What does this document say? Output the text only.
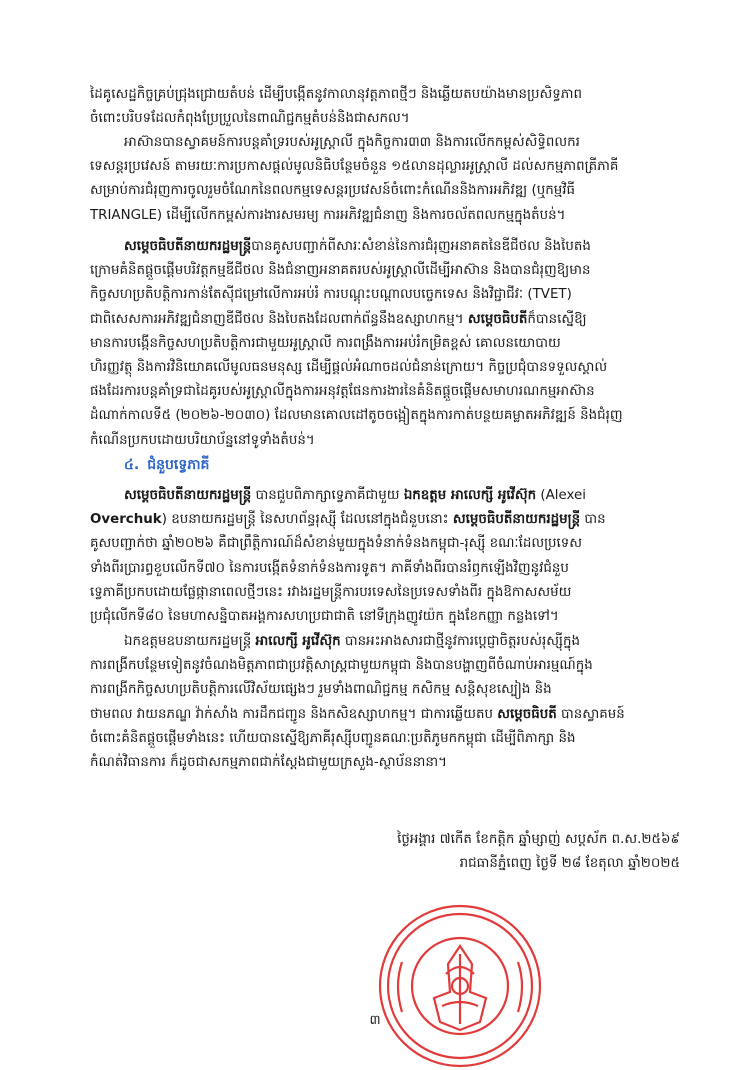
ដៃគូសេដ្ឋកិច្ចគ្រប់ជ្រុងជ្រោយតំបន់ ដើម្បីបង្កើតនូវកាលានុវត្តភាពថ្មីៗ និងឆ្លើយតបយ៉ាងមានប្រសិទ្ធភាព
ចំពោះបរិបទដែលកំពុងប្រែប្រួលនៃពាណិជ្ជកម្មតំបន់និងជាសកល។
អាស៊ានបានស្វាគមន៍ការបន្តគាំទ្ររបស់អូស្ត្រាលី ក្នុងកិច្ចការ៣៣ និងការលើកកម្ពស់សិទ្ធិពលករ
ទេសន្តរប្រវេសន៍ តាមរយៈការប្រកាសផ្តល់មូលនិធិបន្ថែមចំនួន ១៥លានដុល្លារអូស្ត្រាលី ដល់សកម្មភាពត្រីភាគី
សម្រាប់ការជំរុញការចូលរួមចំណែកនៃពលកម្មទេសន្តរប្រវេសន៍ចំពោះកំណើននិងការអភិវឌ្ឍ (ឬកម្មវិធី
TRIANGLE) ដើម្បីលើកកម្ពស់ការងារសមរម្យ ការអភិវឌ្ឍជំនាញ និងការចល័តពលកម្មក្នុងតំបន់។
សម្តេចធិបតីនាយករដ្ឋមន្ត្រីបានគូសបញ្ជាក់ពីសារៈសំខាន់នៃការជំរុញអនាគតនៃឌីជីថល និងបៃតង
ក្រោមគំនិតផ្តួចផ្តើមបរិវត្តកម្មឌីជីថល និងជំនាញអនាគតរបស់អូស្ត្រាលីដើម្បីអាស៊ាន និងបានជំរុញឱ្យមាន
កិច្ចសហប្រតិបត្តិការកាន់តែស៊ីជម្រៅលើការអប់រំ ការបណ្តុះបណ្តាលបច្ចេកទេស និងវិជ្ជាជីវៈ (TVET)
ជាពិសេសការអភិវឌ្ឍជំនាញឌីជីថល និងបៃតងដែលពាក់ព័ន្ធនឹងឧស្សាហកម្ម។ សម្តេចធិបតីក៏បានស្នើឱ្យ
មានការបង្កើនកិច្ចសហប្រតិបត្តិការជាមួយអូស្ត្រាលី ការពង្រឹងការអប់រំកម្រិតខ្ពស់ គោលនយោបាយ
ហិរញ្ញវត្ថុ និងការវិនិយោគលើមូលធនមនុស្ស ដើម្បីផ្តល់អំណាចដល់ជំនាន់ក្រោយ។ កិច្ចប្រជុំបានទទួលស្គាល់
ផងដែរការបន្តគាំទ្រជាដៃគូរបស់អូស្ត្រាលីក្នុងការអនុវត្តផែនការងារនៃគំនិតផ្តួចផ្តើមសមាហរណកម្មអាស៊ាន
ដំណាក់កាលទី៥ (២០២៦-២០៣០) ដែលមានគោលដៅតូចចង្អៀតក្នុងការកាត់បន្ថយគម្លាតអភិវឌ្ឍន៍ និងជំរុញ
កំណើនប្រកបដោយបរិយាប័ន្ននៅទូទាំងតំបន់។
៤. ជំនួបទ្វេភាគី
សម្តេចធិបតីនាយករដ្ឋមន្ត្រី បានជួបពិភាក្សាទ្វេភាគីជាមួយ ឯកឧត្តម អាលេក្សី អូវើស៊ុក (Alexei
Overchuk) ឧបនាយករដ្ឋមន្ត្រី នៃសហព័ន្ធរុស្ស៊ី ដែលនៅក្នុងជំនួបនោះ សម្តេចធិបតីនាយករដ្ឋមន្ត្រី បាន
គូសបញ្ជាក់ថា ឆ្នាំ២០២៦ គឺជាព្រឹត្តិការណ៍ដ៏សំខាន់មួយក្នុងទំនាក់ទំនងកម្ពុជា-រុស្ស៊ី ខណៈដែលប្រទេស
ទាំងពីរប្រារព្ធខួបលើកទី៧០ នៃការបង្កើតទំនាក់ទំនងការទូត។ ភាគីទាំងពីរបានរំឭកឡើងវិញនូវជំនួប
ទ្វេភាគីប្រកបដោយផ្លែផ្កានាពេលថ្មីៗនេះ រវាងរដ្ឋមន្ត្រីការបរទេសនៃប្រទេសទាំងពីរ ក្នុងឱកាសសម័យ
ប្រជុំលើកទី៨០ នៃមហាសន្និបាតអង្គការសហប្រជាជាតិ នៅទីក្រុងញូវយ៉ក ក្នុងខែកញ្ញា កន្លងទៅ។
ឯកឧត្តមឧបនាយករដ្ឋមន្ត្រី អាលេក្សី អូវើស៊ុក បានអះអាងសារជាថ្មីនូវការប្តេជ្ញាចិត្តរបស់រុស្ស៊ីក្នុង
ការពង្រីកបន្ថែមទៀតនូវចំណងមិត្តភាពជាប្រវត្តិសាស្ត្រជាមួយកម្ពុជា និងបានបង្ហាញពីចំណាប់អារម្មណ៍ក្នុង
ការពង្រីកកិច្ចសហប្រតិបត្តិការលើវិស័យផ្សេងៗ រួមទាំងពាណិជ្ជកម្ម កសិកម្ម សន្តិសុខស្បៀង និង
ថាមពល វាយនភណ្ឌ វ៉ាក់សាំង ការដឹកជញ្ជូន និងកសិឧស្សាហកម្ម។ ជាការឆ្លើយតប សម្តេចធិបតី បានស្វាគមន៍
ចំពោះគំនិតផ្តួចផ្តើមទាំងនេះ ហើយបានស្នើឱ្យភាគីរុស្ស៊ីបញ្ជូនគណៈប្រតិភូមកកម្ពុជា ដើម្បីពិភាក្សា និង
កំណត់វិធានការ ក៏ដូចជាសកម្មភាពជាក់ស្តែងជាមួយក្រសួង-ស្ថាប័ននានា។
ថ្ងៃអង្គារ ៧កើត ខែកត្តិក ឆ្នាំម្សាញ់ សប្តស័ក ព.ស.២៥៦៩
រាជធានីភ្នំពេញ ថ្ងៃទី ២៨ ខែតុលា ឆ្នាំ២០២៥
៣
